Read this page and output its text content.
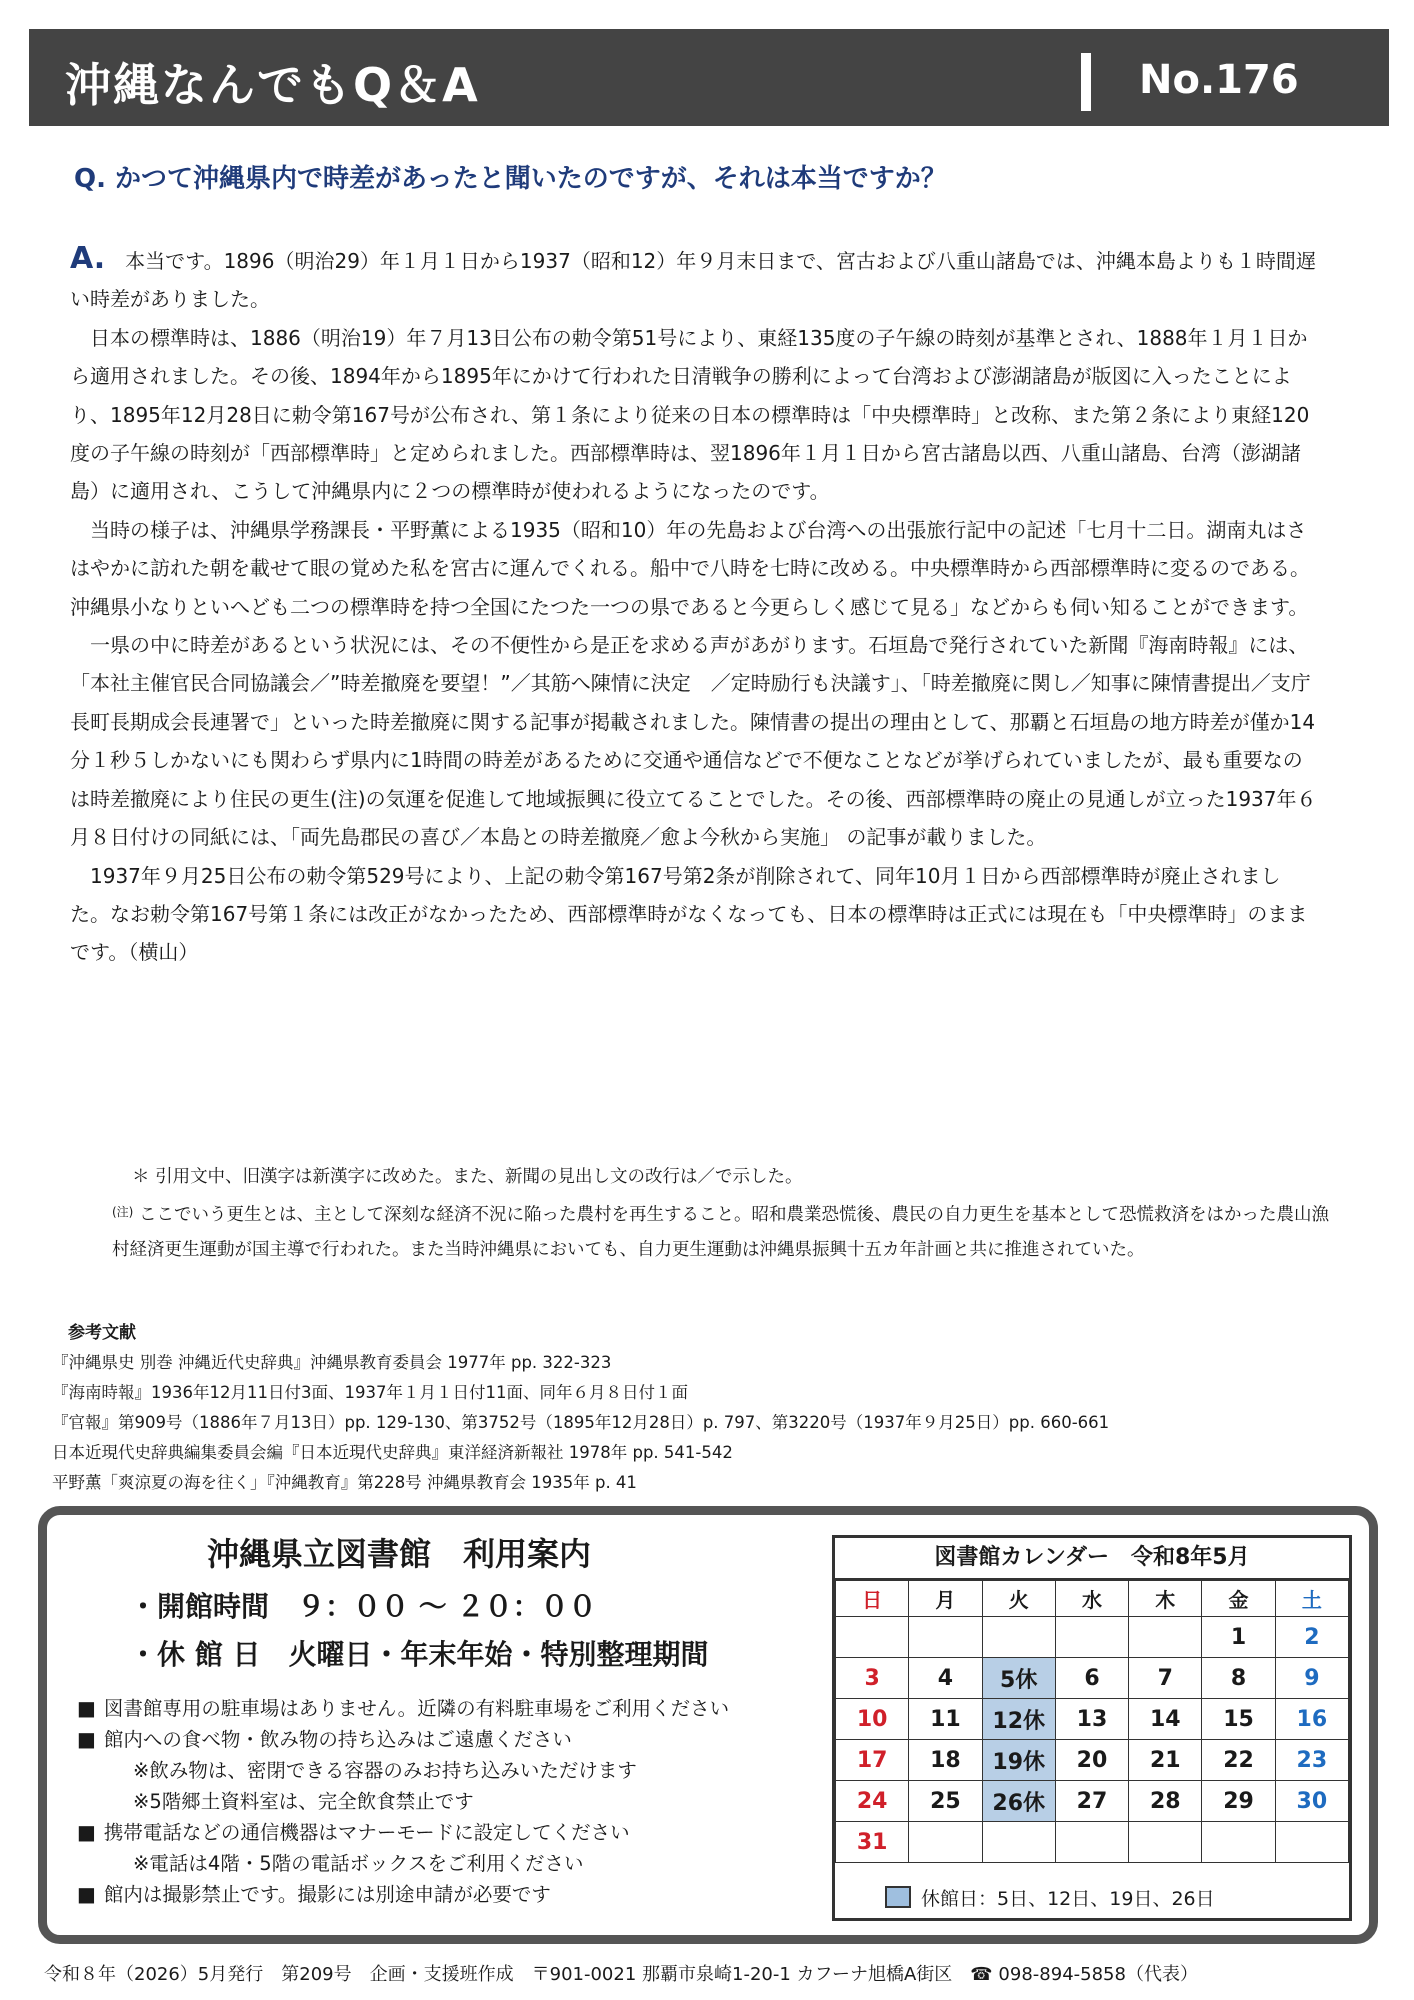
沖縄なんでもQ＆A	No.176
Q. かつて沖縄県内で時差があったと聞いたのですが、それは本当ですか？

A. 本当です。1896（明治29）年１月１日から1937（昭和12）年９月末日まで、宮古および八重山諸島では、沖縄本島よりも１時間遅い時差がありました。

日本の標準時は、1886（明治19）年７月13日公布の勅令第51号により、東経135度の子午線の時刻が基準とされ、1888年１月１日から適用されました。その後、1894年から1895年にかけて行われた日清戦争の勝利によって台湾および澎湖諸島が版図に入ったことにより、1895年12月28日に勅令第167号が公布され、第１条により従来の日本の標準時は「中央標準時」と改称、また第２条により東経120度の子午線の時刻が「西部標準時」と定められました。西部標準時は、翌1896年１月１日から宮古諸島以西、八重山諸島、台湾（澎湖諸島）に適用され、こうして沖縄県内に２つの標準時が使われるようになったのです。

当時の様子は、沖縄県学務課長・平野薫による1935（昭和10）年の先島および台湾への出張旅行記中の記述「七月十二日。湖南丸はさはやかに訪れた朝を載せて眼の覚めた私を宮古に運んでくれる。船中で八時を七時に改める。中央標準時から西部標準時に変るのである。沖縄県小なりといへども二つの標準時を持つ全国にたつた一つの県であると今更らしく感じて見る」などからも伺い知ることができます。

一県の中に時差があるという状況には、その不便性から是正を求める声があがります。石垣島で発行されていた新聞『海南時報』には、「本社主催官民合同協議会／”時差撤廃を要望！”／其筋へ陳情に決定　／定時励行も決議す」、「時差撤廃に関し／知事に陳情書提出／支庁長町長期成会長連署で」といった時差撤廃に関する記事が掲載されました。陳情書の提出の理由として、那覇と石垣島の地方時差が僅か14分１秒５しかないにも関わらず県内に1時間の時差があるために交通や通信などで不便なことなどが挙げられていましたが、最も重要なのは時差撤廃により住民の更生(注)の気運を促進して地域振興に役立てることでした。その後、西部標準時の廃止の見通しが立った1937年６月８日付けの同紙には、「両先島郡民の喜び／本島との時差撤廃／愈よ今秋から実施」 の記事が載りました。

1937年９月25日公布の勅令第529号により、上記の勅令第167号第2条が削除されて、同年10月１日から西部標準時が廃止されました。なお勅令第167号第１条には改正がなかったため、西部標準時がなくなっても、日本の標準時は正式には現在も「中央標準時」のままです。（横山）

＊ 引用文中、旧漢字は新漢字に改めた。また、新聞の見出し文の改行は／で示した。

$^{(注)}$ ここでいう更生とは、主として深刻な経済不況に陥った農村を再生すること。昭和農業恐慌後、農民の自力更生を基本として恐慌救済をはかった農山漁村経済更生運動が国主導で行われた。また当時沖縄県においても、自力更生運動は沖縄県振興十五カ年計画と共に推進されていた。

参考文献

『沖縄県史 別巻 沖縄近代史辞典』沖縄県教育委員会 1977年 pp. 322-323

『海南時報』1936年12月11日付3面、1937年１月１日付11面、同年６月８日付１面

『官報』第909号（1886年７月13日）pp. 129-130、第3752号（1895年12月28日）p. 797、第3220号（1937年９月25日）pp. 660-661

日本近現代史辞典編集委員会編『日本近現代史辞典』東洋経済新報社 1978年 pp. 541-542

平野薫「爽涼夏の海を往く」『沖縄教育』第228号 沖縄県教育会 1935年 p. 41

沖縄県立図書館　利用案内
・開館時間　９：００ ～ ２０：００
・休 館 日　火曜日・年末年始・特別整理期間

■ 図書館専用の駐車場はありません。近隣の有料駐車場をご利用ください

■ 館内への食べ物・飲み物の持ち込みはご遠慮ください

※飲み物は、密閉できる容器のみお持ち込みいただけます

※5階郷土資料室は、完全飲食禁止です

■ 携帯電話などの通信機器はマナーモードに設定してください

※電話は4階・5階の電話ボックスをご利用ください

■ 館内は撮影禁止です。撮影には別途申請が必要です

図書館カレンダー　令和8年5月
日	月	火	水	木	金	土
					1	2
3	4	5休	6	7	8	9
10	11	12休	13	14	15	16
17	18	19休	20	21	22	23
24	25	26休	27	28	29	30
31						
休館日：5日、12日、19日、26日
令和８年（2026）5月発行　第209号　企画・支援班作成　〒901-0021 那覇市泉崎1-20-1 カフーナ旭橋A街区　☎ 098-894-5858（代表）
